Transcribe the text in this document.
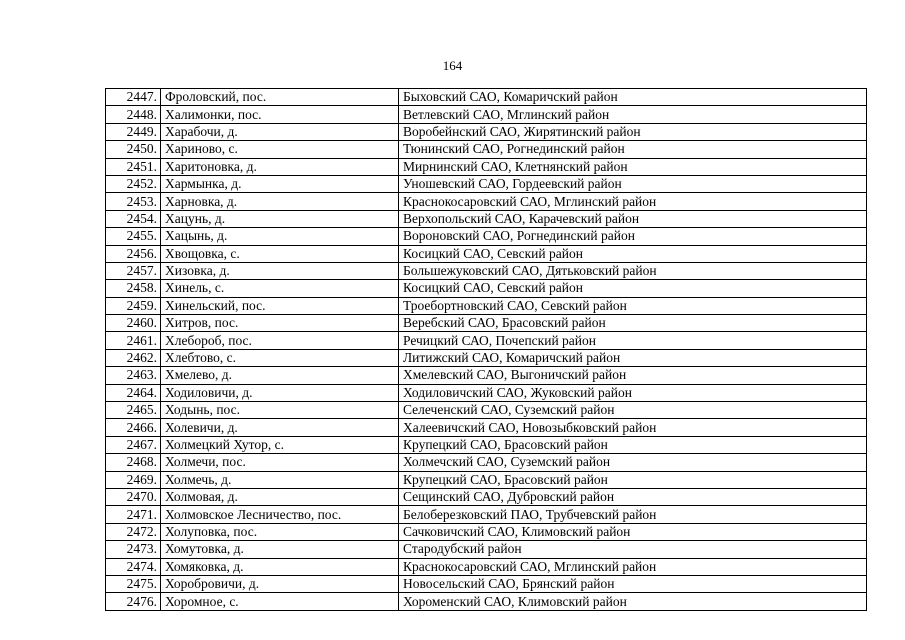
164
2447.	Фроловский, пос.	Быховский САО, Комаричский район
2448.	Халимонки, пос.	Ветлевский САО, Мглинский район
2449.	Харабочи, д.	Воробейнский САО, Жирятинский район
2450.	Хариново, с.	Тюнинский САО, Рогнединский район
2451.	Харитоновка, д.	Мирнинский САО, Клетнянский район
2452.	Хармынка, д.	Уношевский САО, Гордеевский район
2453.	Харновка, д.	Краснокосаровский САО, Мглинский район
2454.	Хацунь, д.	Верхопольский САО, Карачевский район
2455.	Хацынь, д.	Вороновский САО, Рогнединский район
2456.	Хвощовка, с.	Косицкий САО, Севский район
2457.	Хизовка, д.	Большежуковский САО, Дятьковский район
2458.	Хинель, с.	Косицкий САО, Севский район
2459.	Хинельский, пос.	Троебортновский САО, Севский район
2460.	Хитров, пос.	Веребский САО, Брасовский район
2461.	Хлебороб, пос.	Речицкий САО, Почепский район
2462.	Хлебтово, с.	Литижский САО, Комаричский район
2463.	Хмелево, д.	Хмелевский САО, Выгоничский район
2464.	Ходиловичи, д.	Ходиловичский САО, Жуковский район
2465.	Ходынь, пос.	Селеченский САО, Суземский район
2466.	Холевичи, д.	Халеевичский САО, Новозыбковский район
2467.	Холмецкий Хутор, с.	Крупецкий САО, Брасовский район
2468.	Холмечи, пос.	Холмечский САО, Суземский район
2469.	Холмечь, д.	Крупецкий САО, Брасовский район
2470.	Холмовая, д.	Сещинский САО, Дубровский район
2471.	Холмовское Лесничество, пос.	Белоберезковский ПАО, Трубчевский район
2472.	Холуповка, пос.	Сачковичский САО, Климовский район
2473.	Хомутовка, д.	Стародубский район
2474.	Хомяковка, д.	Краснокосаровский САО, Мглинский район
2475.	Хоробровичи, д.	Новосельский САО, Брянский район
2476.	Хоромное, с.	Хороменский САО, Климовский район
